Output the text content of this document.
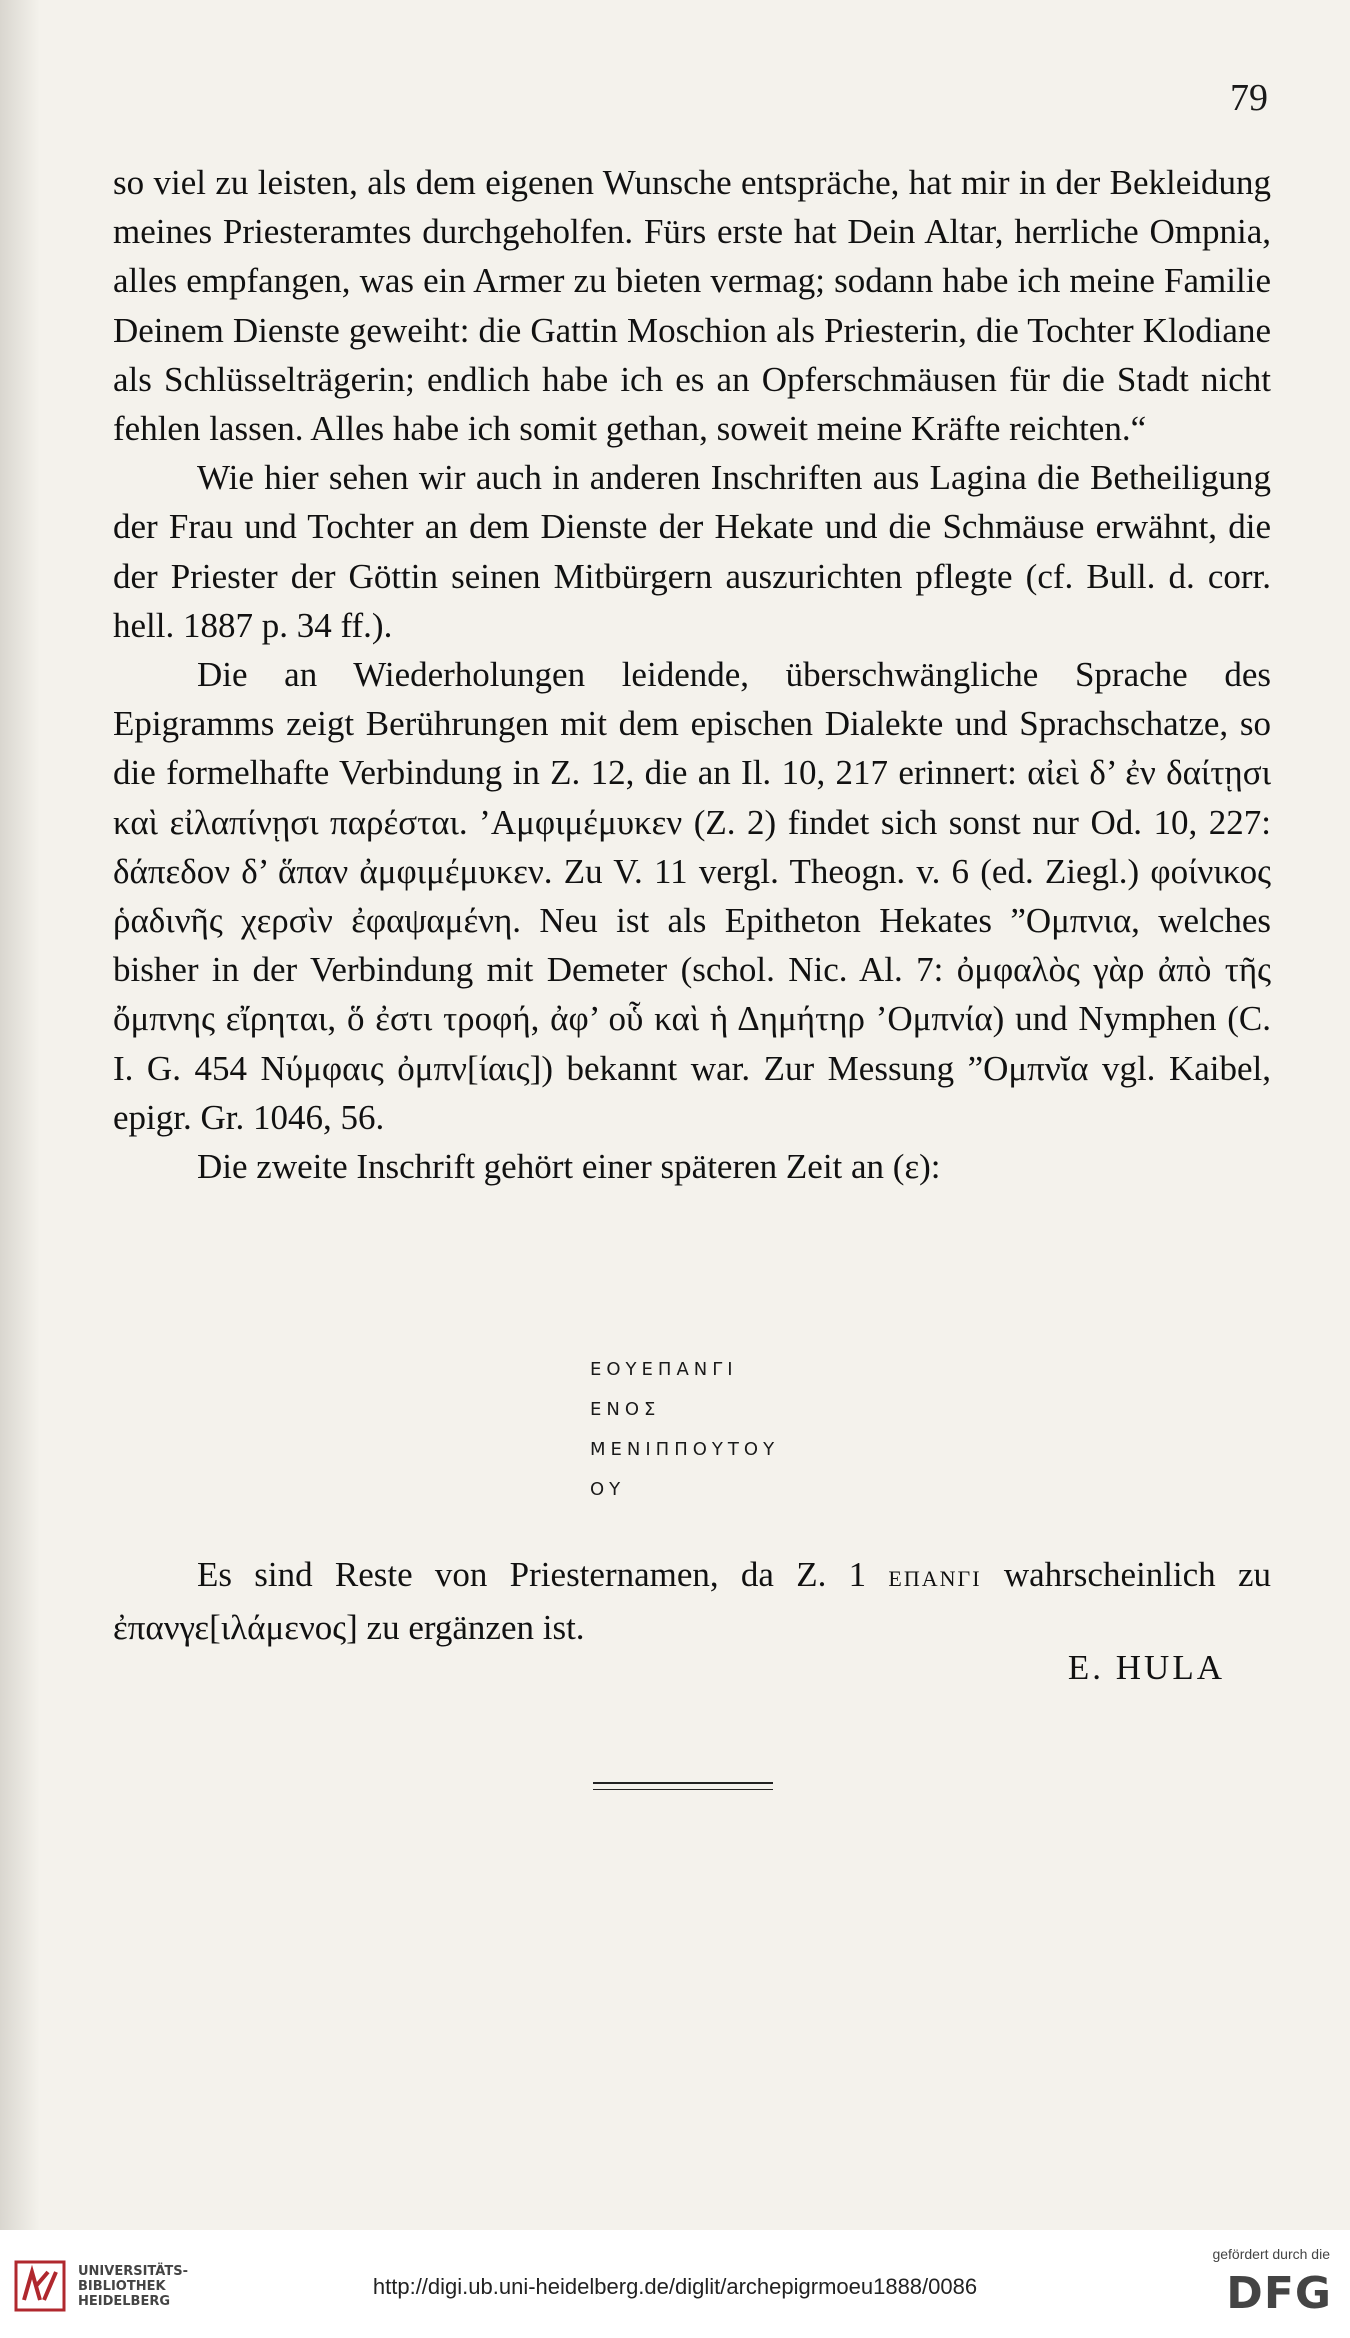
79

so viel zu leisten, als dem eigenen Wunsche entspräche, hat mir in der Bekleidung meines Priesteramtes durchgeholfen. Fürs erste hat Dein Altar, herrliche Ompnia, alles empfangen, was ein Armer zu bieten vermag; sodann habe ich meine Familie Deinem Dienste geweiht: die Gattin Moschion als Priesterin, die Tochter Klodiane als Schlüsselträgerin; endlich habe ich es an Opferschmäusen für die Stadt nicht fehlen lassen. Alles habe ich somit gethan, soweit meine Kräfte reichten.“

Wie hier sehen wir auch in anderen Inschriften aus Lagina die Betheiligung der Frau und Tochter an dem Dienste der Hekate und die Schmäuse erwähnt, die der Priester der Göttin seinen Mitbürgern auszurichten pflegte (cf. Bull. d. corr. hell. 1887 p. 34 ff.).

Die an Wiederholungen leidende, überschwängliche Sprache des Epigramms zeigt Berührungen mit dem epischen Dialekte und Sprachschatze, so die formelhafte Verbindung in Z. 12, die an Il. 10, 217 erinnert: αἰεὶ δ’ ἐν δαίτῃσι καὶ εἰλαπίνῃσι παρέσται. ’Αμφιμέμυκεν (Z. 2) findet sich sonst nur Od. 10, 227: δάπεδον δ’ ἅπαν ἀμφιμέμυκεν. Zu V. 11 vergl. Theogn. v. 6 (ed. Ziegl.) φοίνικος ῥαδινῆς χερσὶν ἐφαψαμένη. Neu ist als Epitheton Hekates ”Ομπνια, welches bisher in der Verbindung mit Demeter (schol. Nic. Al. 7: ὀμφαλὸς γὰρ ἀπὸ τῆς ὄμπνης εἴρηται, ὅ ἐστι τροφή, ἀφ’ οὗ καὶ ἡ Δημήτηρ ’Ομπνία) und Nymphen (C. I. G. 454 Νύμφαις ὀμπν[ίαις]) bekannt war. Zur Messung ”Ομπνῐα vgl. Kaibel, epigr. Gr. 1046, 56.

Die zweite Inschrift gehört einer späteren Zeit an (ε):

ΕΟΥΕΠΑΝΓΙ
ΕΝΟΣ
ΜΕΝΙΠΠΟΥΤΟΥ
ΟΥ

Es sind Reste von Priesternamen, da Z. 1 ΕΠΑΝΓΙ wahrscheinlich zu ἐπανγε[ιλάμενος] zu ergänzen ist.

E. HULA
UNIVERSITÄTS-
BIBLIOTHEK
HEIDELBERG
http://digi.ub.uni-heidelberg.de/diglit/archepigrmoeu1888/0086
gefördert durch die
DFG
